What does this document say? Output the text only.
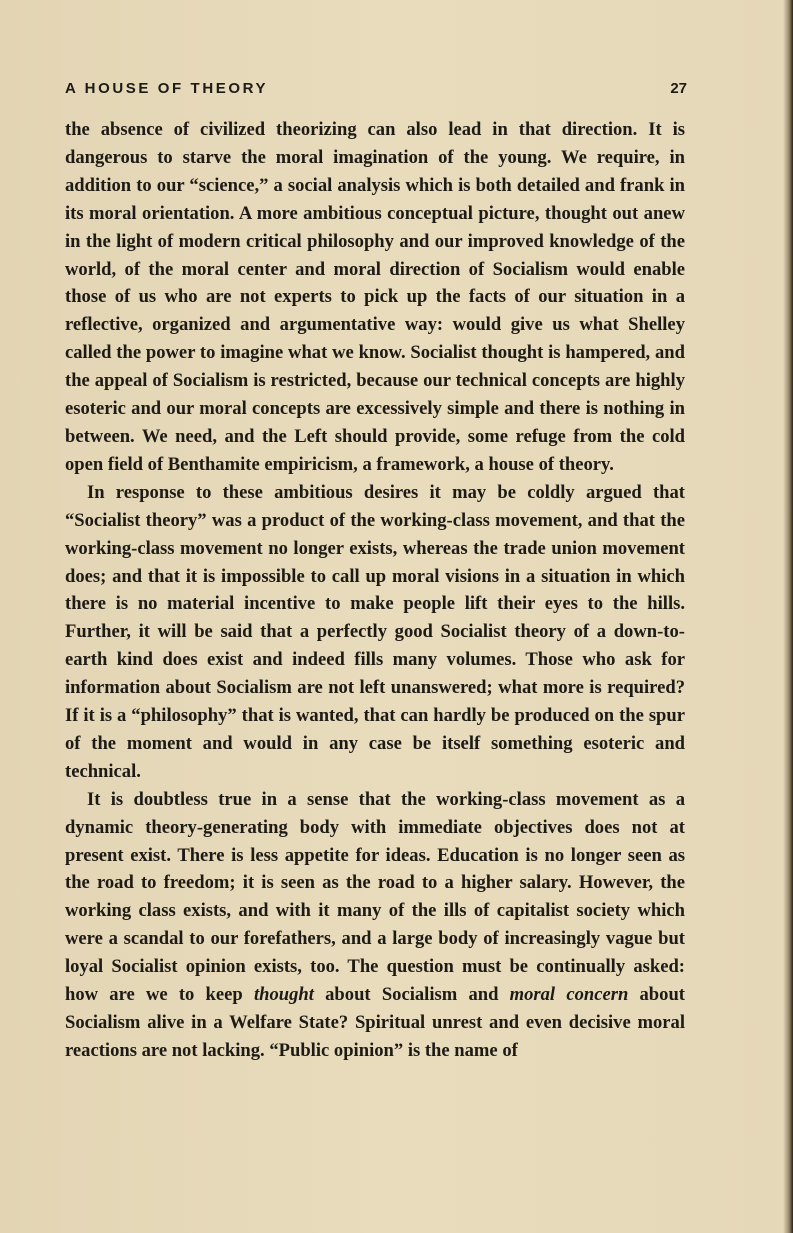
A HOUSE OF THEORY	27

the absence of civilized theorizing can also lead in that direction. It is dangerous to starve the moral imagination of the young. We require, in addition to our “science,” a social analysis which is both detailed and frank in its moral orientation. A more ambitious conceptual picture, thought out anew in the light of modern critical philosophy and our improved knowledge of the world, of the moral center and moral direction of Socialism would enable those of us who are not experts to pick up the facts of our situation in a reflective, organized and argumentative way: would give us what Shelley called the power to imagine what we know. Socialist thought is hampered, and the appeal of Socialism is restricted, because our technical concepts are highly esoteric and our moral concepts are excessively simple and there is nothing in between. We need, and the Left should provide, some refuge from the cold open field of Benthamite empiricism, a framework, a house of theory.

In response to these ambitious desires it may be coldly argued that “Socialist theory” was a product of the working-class movement, and that the working-class movement no longer exists, whereas the trade union movement does; and that it is impossible to call up moral visions in a situation in which there is no material incentive to make people lift their eyes to the hills. Further, it will be said that a perfectly good Socialist theory of a down-to-earth kind does exist and indeed fills many volumes. Those who ask for information about Socialism are not left unanswered; what more is required? If it is a “philosophy” that is wanted, that can hardly be produced on the spur of the moment and would in any case be itself something esoteric and technical.

It is doubtless true in a sense that the working-class movement as a dynamic theory-generating body with immediate objectives does not at present exist. There is less appetite for ideas. Education is no longer seen as the road to freedom; it is seen as the road to a higher salary. However, the working class exists, and with it many of the ills of capitalist society which were a scandal to our forefathers, and a large body of increasingly vague but loyal Socialist opinion exists, too. The question must be continually asked: how are we to keep thought about Socialism and moral concern about Socialism alive in a Welfare State? Spiritual unrest and even decisive moral reactions are not lacking. “Public opinion” is the name of
